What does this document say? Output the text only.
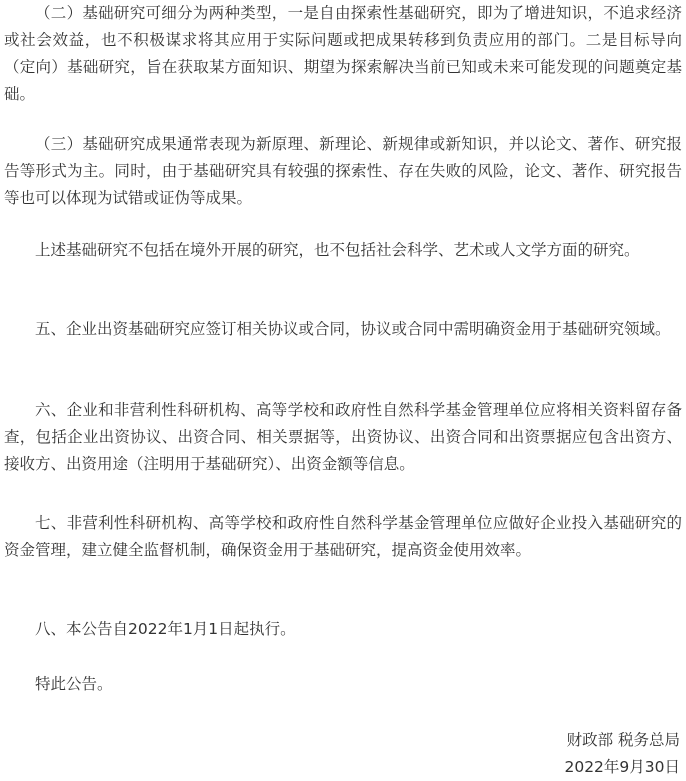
（二）基础研究可细分为两种类型，一是自由探索性基础研究，即为了增进知识，不追求经济或社会效益，也不积极谋求将其应用于实际问题或把成果转移到负责应用的部门。二是目标导向（定向）基础研究，旨在获取某方面知识、期望为探索解决当前已知或未来可能发现的问题奠定基础。

（三）基础研究成果通常表现为新原理、新理论、新规律或新知识，并以论文、著作、研究报告等形式为主。同时，由于基础研究具有较强的探索性、存在失败的风险，论文、著作、研究报告等也可以体现为试错或证伪等成果。

上述基础研究不包括在境外开展的研究，也不包括社会科学、艺术或人文学方面的研究。

五、企业出资基础研究应签订相关协议或合同，协议或合同中需明确资金用于基础研究领域。

六、企业和非营利性科研机构、高等学校和政府性自然科学基金管理单位应将相关资料留存备查，包括企业出资协议、出资合同、相关票据等，出资协议、出资合同和出资票据应包含出资方、接收方、出资用途（注明用于基础研究）、出资金额等信息。

七、非营利性科研机构、高等学校和政府性自然科学基金管理单位应做好企业投入基础研究的资金管理，建立健全监督机制，确保资金用于基础研究，提高资金使用效率。

八、本公告自2022年1月1日起执行。

特此公告。

财政部 税务总局

2022年9月30日
